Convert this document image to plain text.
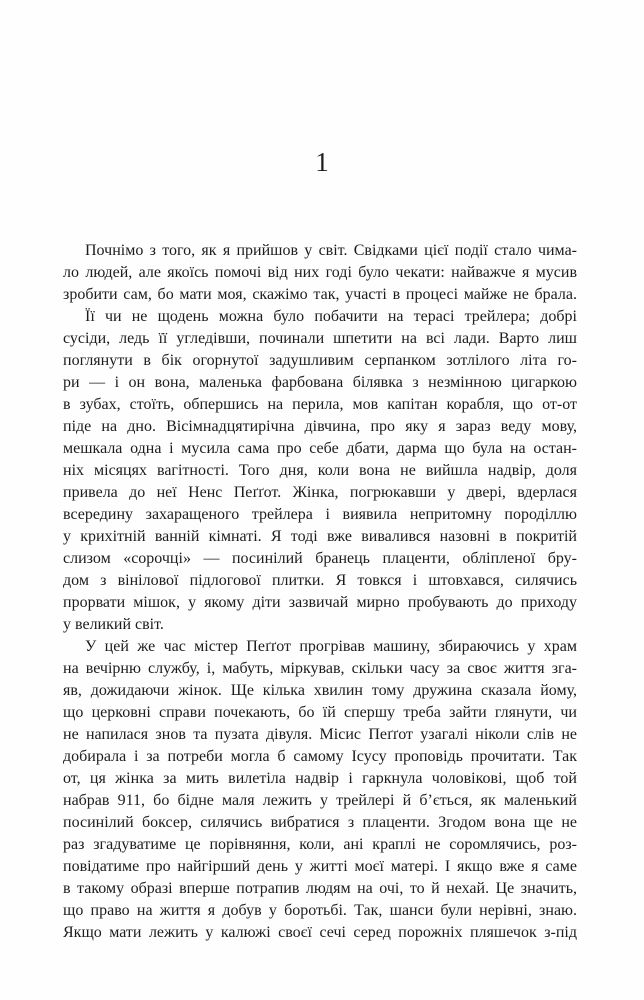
1
Почнімо з того, як я прийшов у світ. Свідками цієї події стало чима-
ло людей, але якоїсь помочі від них годі було чекати: найважче я мусив
зробити сам, бо мати моя, скажімо так, участі в процесі майже не брала.
Її чи не щодень можна було побачити на терасі трейлера; добрі
сусіди, ледь її угледівши, починали шпетити на всі лади. Варто лиш
поглянути в бік огорнутої задушливим серпанком зотлілого літа го-
ри — і он вона, маленька фарбована білявка з незмінною цигаркою
в зубах, стоїть, обпершись на перила, мов капітан корабля, що от-от
піде на дно. Вісімнадцятирічна дівчина, про яку я зараз веду мову,
мешкала одна і мусила сама про себе дбати, дарма що була на остан-
ніх місяцях вагітності. Того дня, коли вона не вийшла надвір, доля
привела до неї Ненс Пеґґот. Жінка, погрюкавши у двері, вдерлася
всередину захаращеного трейлера і виявила непритомну породіллю
у крихітній ванній кімнаті. Я тоді вже вивалився назовні в покритій
слизом «сорочці» — посинілий бранець плаценти, обліпленої бру-
дом з вінілової підлогової плитки. Я товкся і штовхався, силячись
прорвати мішок, у якому діти зазвичай мирно пробувають до приходу
у великий світ.
У цей же час містер Пеґґот прогрівав машину, збираючись у храм
на вечірню службу, і, мабуть, міркував, скільки часу за своє життя зга-
яв, дожидаючи жінок. Ще кілька хвилин тому дружина сказала йому,
що церковні справи почекають, бо їй спершу треба зайти глянути, чи
не напилася знов та пузата дівуля. Місис Пеґґот узагалі ніколи слів не
добирала і за потреби могла б самому Ісусу проповідь прочитати. Так
от, ця жінка за мить вилетіла надвір і гаркнула чоловікові, щоб той
набрав 911, бо бідне маля лежить у трейлері й б’ється, як маленький
посинілий боксер, силячись вибратися з плаценти. Згодом вона ще не
раз згадуватиме це порівняння, коли, ані краплі не соромлячись, роз-
повідатиме про найгірший день у житті моєї матері. І якщо вже я саме
в такому образі вперше потрапив людям на очі, то й нехай. Це значить,
що право на життя я добув у боротьбі. Так, шанси були нерівні, знаю.
Якщо мати лежить у калюжі своєї сечі серед порожніх пляшечок з-під
